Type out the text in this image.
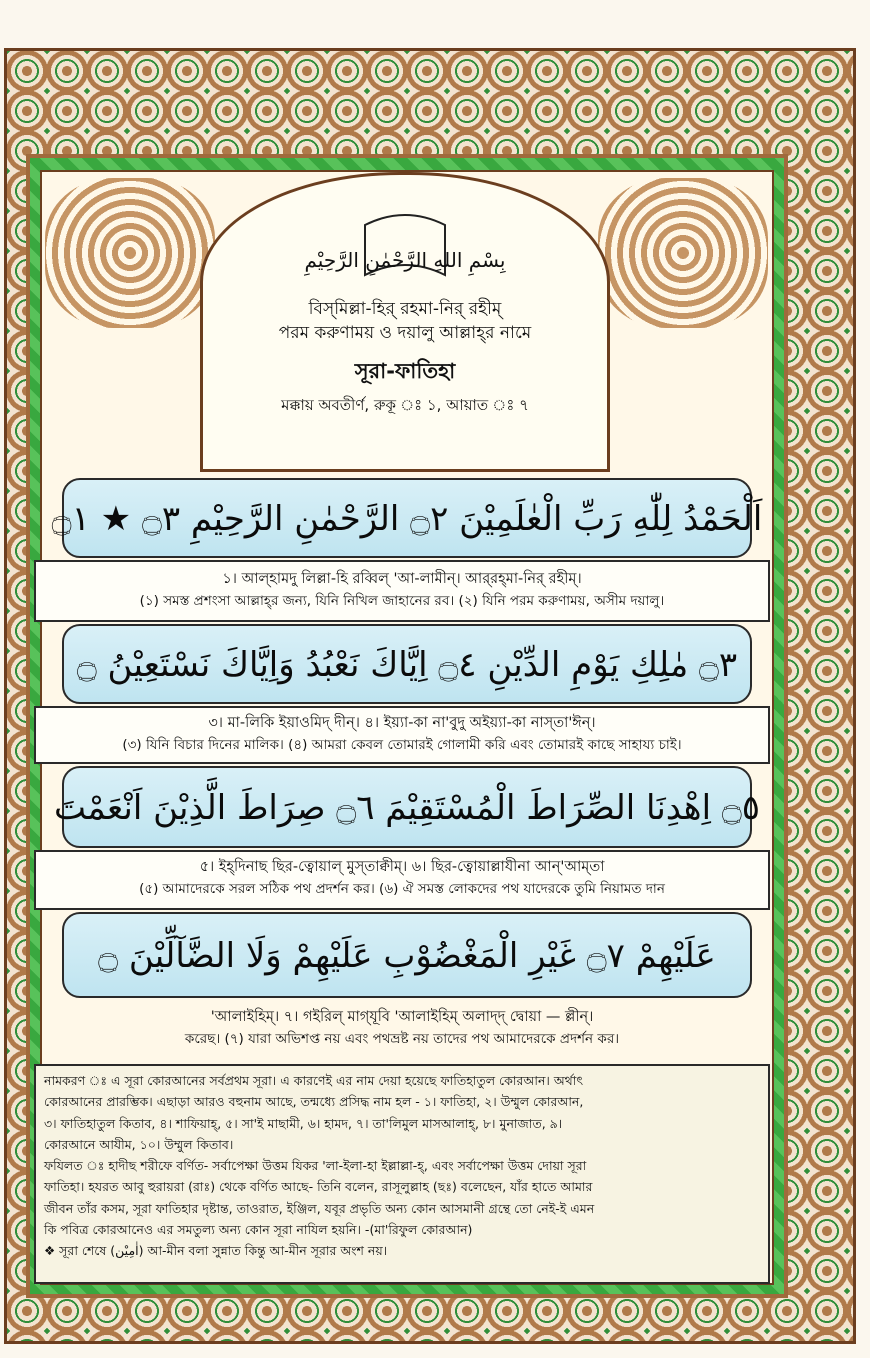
بِسْمِ اللهِ الرَّحْمٰنِ الرَّحِيْمِ
বিস্‌মিল্লা-হির্ রহমা-নির্ রহীম্‌
পরম করুণাময় ও দয়ালু আল্লাহ্‌র নামে
সূরা-ফাতিহা
মক্কায় অবতীর্ণ, রুকূ ঃ ১, আয়াত ঃ ৭
اَلْحَمْدُ لِلّٰهِ رَبِّ الْعٰلَمِيْنَ ۝٢ الرَّحْمٰنِ الرَّحِيْمِ ۝٣ ★ ۝١
১। আল্‌হামদু লিল্লা-হি রব্বিল্‌ 'আ-লামীন্‌। আর্‌রহ্‌মা-নির্ রহীম্‌।
(১) সমস্ত প্রশংসা আল্লাহ্‌র জন্য, যিনি নিখিল জাহানের রব। (২) যিনি পরম করুণাময়, অসীম দয়ালু।
۝٣ مٰلِكِ يَوْمِ الدِّيْنِ ۝٤ اِيَّاكَ نَعْبُدُ وَاِيَّاكَ نَسْتَعِيْنُ ۝
৩। মা-লিকি ইয়াওমিদ্‌ দীন্‌। ৪। ইয়্যা-কা না'বুদু অইয়্যা-কা নাস্‌তা'ঈন্‌।
(৩) যিনি বিচার দিনের মালিক। (৪) আমরা কেবল তোমারই গোলামী করি এবং তোমারই কাছে সাহায্য চাই।
۝٥ اِهْدِنَا الصِّرَاطَ الْمُسْتَقِيْمَ ۝٦ صِرَاطَ الَّذِيْنَ اَنْعَمْتَ
৫। ইহ্‌দিনাছ ছির-ত্বোয়াল্‌ মুস্‌তাক্বীম্‌। ৬। ছির-ত্বোয়াল্লাযীনা আন্‌'আম্‌তা
(৫) আমাদেরকে সরল সঠিক পথ প্রদর্শন কর। (৬) ঐ সমস্ত লোকদের পথ যাদেরকে তুমি নিয়ামত দান
عَلَيْهِمْ ۝٧ غَيْرِ الْمَغْضُوْبِ عَلَيْهِمْ وَلَا الضَّآلِّيْنَ ۝
'আলাইহিম্‌। ৭। গইরিল্‌ মাগ্‌যূবি 'আলাইহিম্‌ অলাদ্দ্‌ দ্বোয়া — ল্লীন্‌।
করেছ। (৭) যারা অভিশপ্ত নয় এবং পথভ্রষ্ট নয় তাদের পথ আমাদেরকে প্রদর্শন কর।
নামকরণ ঃ এ সূরা কোরআনের সর্বপ্রথম সূরা। এ কারণেই এর নাম দেয়া হয়েছে ফাতিহাতুল কোরআন। অর্থাৎ
কোরআনের প্রারম্ভিক। এছাড়া আরও বহুনাম আছে, তন্মধ্যে প্রসিদ্ধ নাম হল - ১। ফাতিহা, ২। উম্মুল কোরআন,
৩। ফাতিহাতুল কিতাব, ৪। শাফিয়াহ্‌, ৫। সা'ই মাছামী, ৬। হামদ, ৭। তা'লিমুল মাসআলাহ্‌, ৮। মুনাজাত, ৯।
কোরআনে আযীম, ১০। উম্মুল কিতাব।
ফযিলত ঃ হাদীছ শরীফে বর্ণিত- সর্বাপেক্ষা উত্তম যিকর 'লা-ইলা-হা ইল্লাল্লা-হ্‌, এবং সর্বাপেক্ষা উত্তম দোয়া সূরা
ফাতিহা। হযরত আবু হুরায়রা (রাঃ) থেকে বর্ণিত আছে- তিনি বলেন, রাসূলুল্লাহ (ছঃ) বলেছেন, যাঁর হাতে আমার
জীবন তাঁর কসম, সূরা ফাতিহার দৃষ্টান্ত, তাওরাত, ইঞ্জিল, যবূর প্রভৃতি অন্য কোন আসমানী গ্রন্থে তো নেই-ই এমন
কি পবিত্র কোরআনেও এর সমতুল্য অন্য কোন সূরা নাযিল হয়নি। -(মা'রিফুল কোরআন)
❖ সূরা শেষে (اٰمِيْن) আ-মীন বলা সুন্নাত কিন্তু আ-মীন সূরার অংশ নয়।
